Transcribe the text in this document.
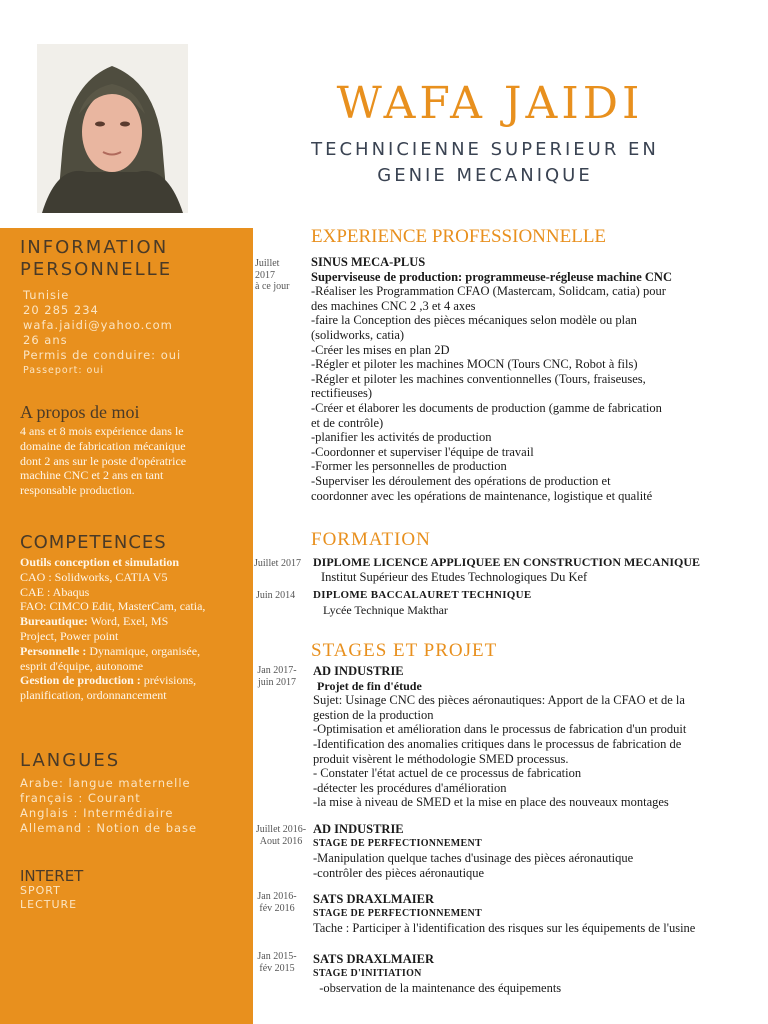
WAFA JAIDI
TECHNICIENNE SUPERIEUR EN
GENIE MECANIQUE
INFORMATION
PERSONNELLE
Tunisie
20 285 234
wafa.jaidi@yahoo.com
26 ans
Permis de conduire: oui
Passeport: oui
A propos de moi
4 ans et 8 mois expérience dans le
domaine de fabrication mécanique
dont 2 ans sur le poste d'opératrice
machine CNC et 2 ans en tant
responsable production.
COMPETENCES
Outils conception et simulation
CAO : Solidworks, CATIA V5
CAE : Abaqus
FAO: CIMCO Edit, MasterCam, catia,
Bureautique: Word, Exel, MS
Project, Power point
Personnelle : Dynamique, organisée,
esprit d'équipe, autonome
Gestion de production : prévisions,
planification, ordonnancement
LANGUES
Arabe: langue maternelle
français : Courant
Anglais : Intermédiaire
Allemand : Notion de base
INTERET
SPORT
LECTURE
EXPERIENCE PROFESSIONNELLE
Juillet
2017
à ce jour
SINUS MECA-PLUS
Superviseuse de production: programmeuse-régleuse machine CNC
-Réaliser les Programmation CFAO (Mastercam, Solidcam, catia) pour
des machines CNC 2 ,3 et 4 axes
-faire la Conception des pièces mécaniques selon modèle ou plan
(solidworks, catia)
-Créer les mises en plan 2D
-Régler et piloter les machines MOCN (Tours CNC, Robot à fils)
-Régler et piloter les machines conventionnelles (Tours, fraiseuses,
rectifieuses)
-Créer et élaborer les documents de production (gamme de fabrication
et de contrôle)
-planifier les activités de production
-Coordonner et superviser l'équipe de travail
-Former les personnelles de production
-Superviser les déroulement des opérations de production et
coordonner avec les opérations de maintenance, logistique et qualité
FORMATION
Juillet 2017	DIPLOME LICENCE APPLIQUEE EN CONSTRUCTION MECANIQUE
Institut Supérieur des Etudes Technologiques Du Kef
Juin 2014	DIPLOME BACCALAURET TECHNIQUE
Lycée Technique Makthar
STAGES ET PROJET
Jan 2017-
juin 2017
AD INDUSTRIE
Projet de fin d'étude
Sujet: Usinage CNC des pièces aéronautiques: Apport de la CFAO et de la
gestion de la production
-Optimisation et amélioration dans le processus de fabrication d'un produit
-Identification des anomalies critiques dans le processus de fabrication de
produit visèrent le méthodologie SMED processus.
- Constater l'état actuel de ce processus de fabrication
-détecter les procédures d'amélioration
-la mise à niveau de SMED et la mise en place des nouveaux montages
Juillet 2016-
Aout 2016
AD INDUSTRIE
STAGE DE PERFECTIONNEMENT
-Manipulation quelque taches d'usinage des pièces aéronautique
-contrôler des pièces aéronautique
Jan 2016-
fév 2016
SATS DRAXLMAIER
STAGE DE PERFECTIONNEMENT
Tache : Participer à l'identification des risques sur les équipements de l'usine
Jan 2015-
fév 2015
SATS DRAXLMAIER
STAGE D'INITIATION
-observation de la maintenance des équipements
